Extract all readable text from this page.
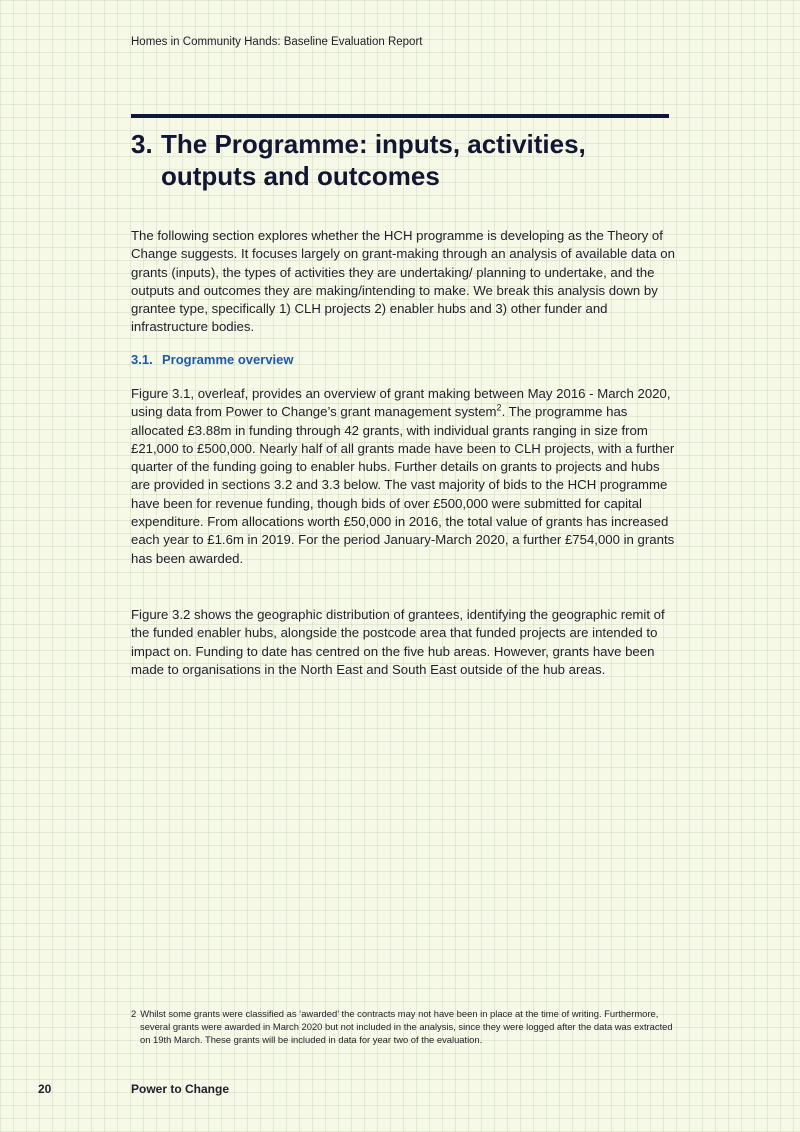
Homes in Community Hands: Baseline Evaluation Report
3. The Programme: inputs, activities,
outputs and outcomes

The following section explores whether the HCH programme is developing as the Theory of Change suggests. It focuses largely on grant-making through an analysis of available data on grants (inputs), the types of activities they are undertaking/ planning to undertake, and the outputs and outcomes they are making/intending to make. We break this analysis down by grantee type, specifically 1) CLH projects 2) enabler hubs and 3) other funder and infrastructure bodies.

3.1. Programme overview

Figure 3.1, overleaf, provides an overview of grant making between May 2016 - March 2020, using data from Power to Change’s grant management system$^2$. The programme has allocated £3.88m in funding through 42 grants, with individual grants ranging in size from £21,000 to £500,000. Nearly half of all grants made have been to CLH projects, with a further quarter of the funding going to enabler hubs. Further details on grants to projects and hubs are provided in sections 3.2 and 3.3 below. The vast majority of bids to the HCH programme have been for revenue funding, though bids of over £500,000 were submitted for capital expenditure. From allocations worth £50,000 in 2016, the total value of grants has increased each year to £1.6m in 2019. For the period January-March 2020, a further £754,000 in grants has been awarded.

Figure 3.2 shows the geographic distribution of grantees, identifying the geographic remit of the funded enabler hubs, alongside the postcode area that funded projects are intended to impact on. Funding to date has centred on the five hub areas. However, grants have been made to organisations in the North East and South East outside of the hub areas.

2 Whilst some grants were classified as ‘awarded’ the contracts may not have been in place at the time of writing. Furthermore, several grants were awarded in March 2020 but not included in the analysis, since they were logged after the data was extracted on 19th March. These grants will be included in data for year two of the evaluation.
20	Power to Change
